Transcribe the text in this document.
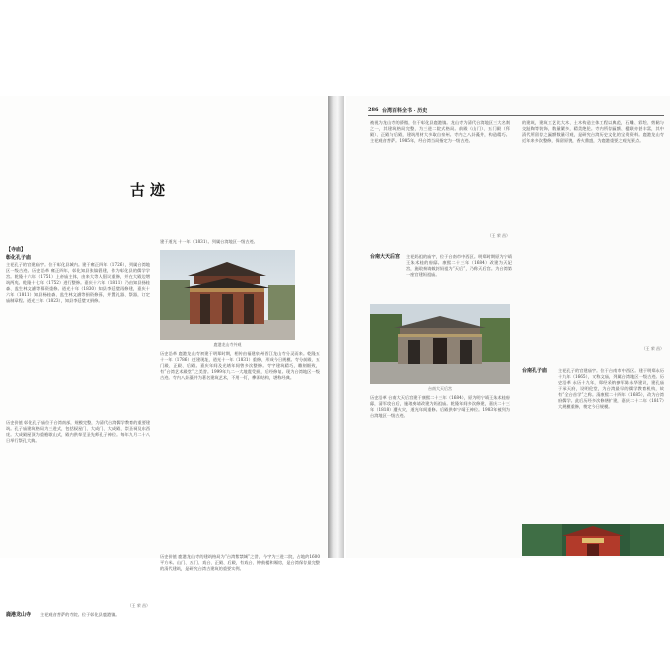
古迹
【寺庙】
彰化孔子庙
主祀孔子的官建庙宇。位于彰化县城内。建于雍正四年（1726），列属台湾地区一级古迹。历史沿革 雍正四年，彰化知县张镐倡建，作为彰化县的儒学学宫。乾隆十六年（1751）上帝庙主体，由来大等人倡议重修，并在大殿边增筑两庑。乾隆十七年（1752）进行整修。嘉庆十六年（1811）乃由知县扬桂森、监生林文濬等募资重修。道光十年（1830）知县李廷璧再修建，嘉庆十六年（1811）知县杨桂森、监生林文濬等捐资修葺，并置礼器、祭器，订定庙制章程。道光三年（1823），知县李廷璧又捐修。
历史价值 彰化孔子庙位于台湾南部，规模完整，为清代台湾儒学教育的重要建筑。孔子庙建筑格局为三进式，包括棂星门、大成门、大成殿、崇圣祠及东西庑。大成殿屋顶为重檐歇山式，殿内供奉至圣先师孔子神位。每年九月二十八日举行祭孔大典。
（王 荣 昌）
鹿港龙山寺 主祀观音菩萨的寺院。位于彰化县鹿港镇。
建于道光 十一年（1831）。列属台湾地区一级古迹。
鹿港龙山寺外观
历史沿革 鹿港龙山寺初建于明郑时期，相传由福建泉州晋江龙山寺分灵而来。乾隆五十一年（1786）迁建现址，道光十一年（1831）重修，形成今日规模。寺分前殿、五门殿、正殿、后殿。嘉庆年间及光绪年间曾多次整修。寺宇建筑精巧，雕刻细致，有“台湾艺术殿堂”之美誉。1999年九二一大地震受损，后经修复。现为台湾地区一级古迹。寺内八卦藻井为著名建筑艺术，不用一钉，榫卯结构，堪称经典。
历史价值 鹿港龙山寺的建筑格局为“台湾紫禁城”之誉，今宇为三进二院，占地约1600平方米。山门、五门、戏台、正殿、后殿，有戏台、钟鼓楼和厢房，是台湾保存最完整的清代建筑，是研究台湾古建筑的重要实例。
286 台湾百科全书 · 历史
被视为龙山寺的骄傲，位于彰化县鹿港镇。龙山寺为清代台湾地区三大名刹之一，其建筑格局完整，为三进二院式格局。前殿（山门）、五门殿（拜殿）、正殿与后殿，建筑用材大多取自泉州。寺内之八卦藻井，构造精巧。主祀观音菩萨。1985年，经台湾当局指定为一级古迹。
（王 荣 昌）
台南大天后宫 主祀妈祖的庙宇，位于台南市中西区。明郑时期原为宁靖王朱术桂的府邸。康熙二十三年（1684）改建为天妃宫，施琅奏请敕封妈祖为“天后”，乃称天后宫。为台湾第一座官建妈祖庙。
台南大天后宫
历史沿革 台南大天后宫建于康熙二十三年（1684），原为明宁靖王朱术桂府邸，清军攻台后，施琅奏请改建为妈祖庙。乾隆年间多次修建，嘉庆二十三年（1818）遭火灾，道光年间重修。后殿供奉宁靖王神位。1983年被列为台湾地区一级古迹。
的建筑，建筑工艺比大木、土木构造主体工程以典范，石雕、彩绘、剪黏与交趾陶等装饰，数量繁多，精美绝伦。寺内所存匾额、楹联亦甚丰富，其中清代所留存之匾额数量可观，是研究台湾历史文化的宝贵资料。鹿港龙山寺近年来多次整修，保留原貌，香火鼎盛，为鹿港重要之观光景点。
（王 荣 昌）
台南孔子庙	主祀孔子的官建庙宇。位于台南市中西区。建于明郑永历十九年（1665），又称文庙，列属台湾地区一级古迹。历史沿革 永历十九年，郑经采纳参军陈永华建议，建孔庙于承天府，设明伦堂，为台湾最早的儒学教育机构，故有“全台首学”之称。清康熙二十四年（1685），改为台湾府儒学。此后历经多次修缮扩建，嘉庆二十二年（1817）大规模重修，奠定今日规模。
